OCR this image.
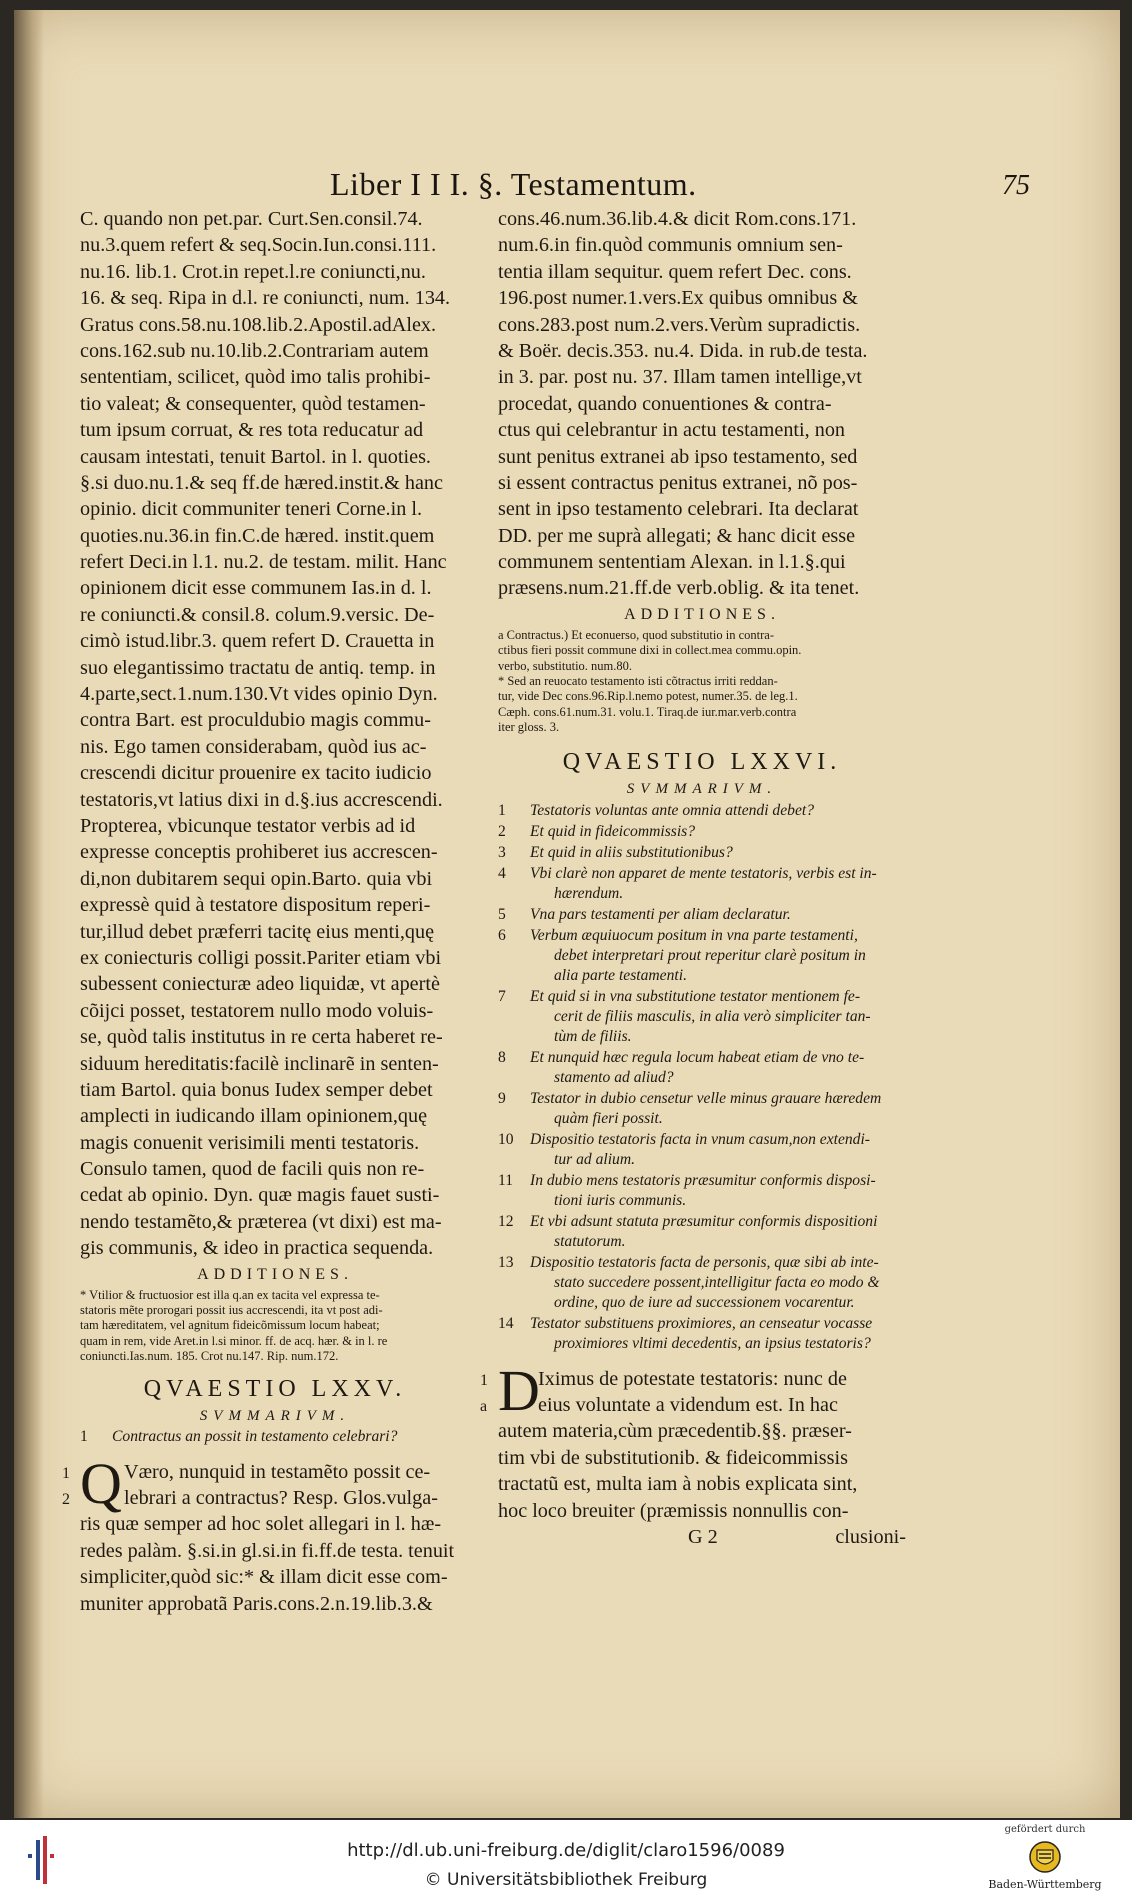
Liber I I I. §. Testamentum.	75
C. quando non pet.par. Curt.Sen.consil.74.
nu.3.quem refert & seq.Socin.Iun.consi.111.
nu.16. lib.1. Crot.in repet.l.re coniuncti,nu.
16. & seq. Ripa in d.l. re coniuncti, num. 134.
Gratus cons.58.nu.108.lib.2.Apostil.adAlex.
cons.162.sub nu.10.lib.2.Contrariam autem
sententiam, scilicet, quòd imo talis prohibi-
tio valeat; & consequenter, quòd testamen-
tum ipsum corruat, & res tota reducatur ad
causam intestati, tenuit Bartol. in l. quoties.
§.si duo.nu.1.& seq ff.de hæred.instit.& hanc
opinio. dicit communiter teneri Corne.in l.
quoties.nu.36.in fin.C.de hæred. instit.quem
refert Deci.in l.1. nu.2. de testam. milit. Hanc
opinionem dicit esse communem Ias.in d. l.
re coniuncti.& consil.8. colum.9.versic. De-
cimò istud.libr.3. quem refert D. Crauetta in
suo elegantissimo tractatu de antiq. temp. in
4.parte,sect.1.num.130.Vt vides opinio Dyn.
contra Bart. est proculdubio magis commu-
nis. Ego tamen considerabam, quòd ius ac-
crescendi dicitur prouenire ex tacito iudicio
testatoris,vt latius dixi in d.§.ius accrescendi.
Propterea, vbicunque testator verbis ad id
expresse conceptis prohiberet ius accrescen-
di,non dubitarem sequi opin.Barto. quia vbi
expressè quid à testatore dispositum reperi-
tur,illud debet præferri tacitę eius menti,quę
ex coniecturis colligi possit.Pariter etiam vbi
subessent coniecturæ adeo liquidæ, vt apertè
cõijci posset, testatorem nullo modo voluis-
se, quòd talis institutus in re certa haberet re-
siduum hereditatis:facilè inclinarẽ in senten-
tiam Bartol. quia bonus Iudex semper debet
amplecti in iudicando illam opinionem,quę
magis conuenit verisimili menti testatoris.
Consulo tamen, quod de facili quis non re-
cedat ab opinio. Dyn. quæ magis fauet susti-
nendo testamẽto,& præterea (vt dixi) est ma-
gis communis, & ideo in practica sequenda.
ADDITIONES.
* Vtilior & fructuosior est illa q.an ex tacita vel expressa te-
statoris mẽte prorogari possit ius accrescendi, ita vt post adi-
tam hæreditatem, vel agnitum fideicõmissum locum habeat;
quam in rem, vide Aret.in l.si minor. ff. de acq. hær. & in l. re
coniuncti.Ias.num. 185. Crot nu.147. Rip. num.172.
QVAESTIO LXXV.
SVMMARIVM.
1	Contractus an possit in testamento celebrari?
Q
1
2
Væro, nunquid in testamẽto possit ce-
lebrari a contractus? Resp. Glos.vulga-
ris quæ semper ad hoc solet allegari in l. hæ-
redes palàm. §.si.in gl.si.in fi.ff.de testa. tenuit
simpliciter,quòd sic:* & illam dicit esse com-
muniter approbatã Paris.cons.2.n.19.lib.3.&
cons.46.num.36.lib.4.& dicit Rom.cons.171.
num.6.in fin.quòd communis omnium sen-
tentia illam sequitur. quem refert Dec. cons.
196.post numer.1.vers.Ex quibus omnibus &
cons.283.post num.2.vers.Verùm supradictis.
& Boër. decis.353. nu.4. Dida. in rub.de testa.
in 3. par. post nu. 37. Illam tamen intellige,vt
procedat, quando conuentiones & contra-
ctus qui celebrantur in actu testamenti, non
sunt penitus extranei ab ipso testamento, sed
si essent contractus penitus extranei, nõ pos-
sent in ipso testamento celebrari. Ita declarat
DD. per me suprà allegati; & hanc dicit esse
communem sententiam Alexan. in l.1.§.qui
præsens.num.21.ff.de verb.oblig. & ita tenet.
ADDITIONES.
a Contractus.) Et econuerso, quod substitutio in contra-
ctibus fieri possit commune dixi in collect.mea commu.opin.
verbo, substitutio. num.80.
* Sed an reuocato testamento isti cõtractus irriti reddan-
tur, vide Dec cons.96.Rip.l.nemo potest, numer.35. de leg.1.
Cæph. cons.61.num.31. volu.1. Tiraq.de iur.mar.verb.contra
iter gloss. 3.
QVAESTIO LXXVI.
SVMMARIVM.
1	Testatoris voluntas ante omnia attendi debet?
2	Et quid in fideicommissis?
3	Et quid in aliis substitutionibus?
4	Vbi clarè non apparet de mente testatoris, verbis est in-
hærendum.
5	Vna pars testamenti per aliam declaratur.
6	Verbum æquiuocum positum in vna parte testamenti,
debet interpretari prout reperitur clarè positum in
alia parte testamenti.
7	Et quid si in vna substitutione testator mentionem fe-
cerit de filiis masculis, in alia verò simpliciter tan-
tùm de filiis.
8	Et nunquid hæc regula locum habeat etiam de vno te-
stamento ad aliud?
9	Testator in dubio censetur velle minus grauare hæredem
quàm fieri possit.
10	Dispositio testatoris facta in vnum casum,non extendi-
tur ad alium.
11	In dubio mens testatoris præsumitur conformis disposi-
tioni iuris communis.
12	Et vbi adsunt statuta præsumitur conformis dispositioni
statutorum.
13	Dispositio testatoris facta de personis, quæ sibi ab inte-
stato succedere possent,intelligitur facta eo modo &
ordine, quo de iure ad successionem vocarentur.
14	Testator substituens proximiores, an censeatur vocasse
proximiores vltimi decedentis, an ipsius testatoris?
D
1
a
Iximus de potestate testatoris: nunc de
eius voluntate a videndum est. In hac
autem materia,cùm præcedentib.§§. præser-
tim vbi de substitutionib. & fideicommissis
tractatũ est, multa iam à nobis explicata sint,
hoc loco breuiter (præmissis nonnullis con-
G 2	clusioni-
http://dl.ub.uni-freiburg.de/diglit/claro1596/0089
© Universitätsbibliothek Freiburg
gefördert durch
Baden-Württemberg
